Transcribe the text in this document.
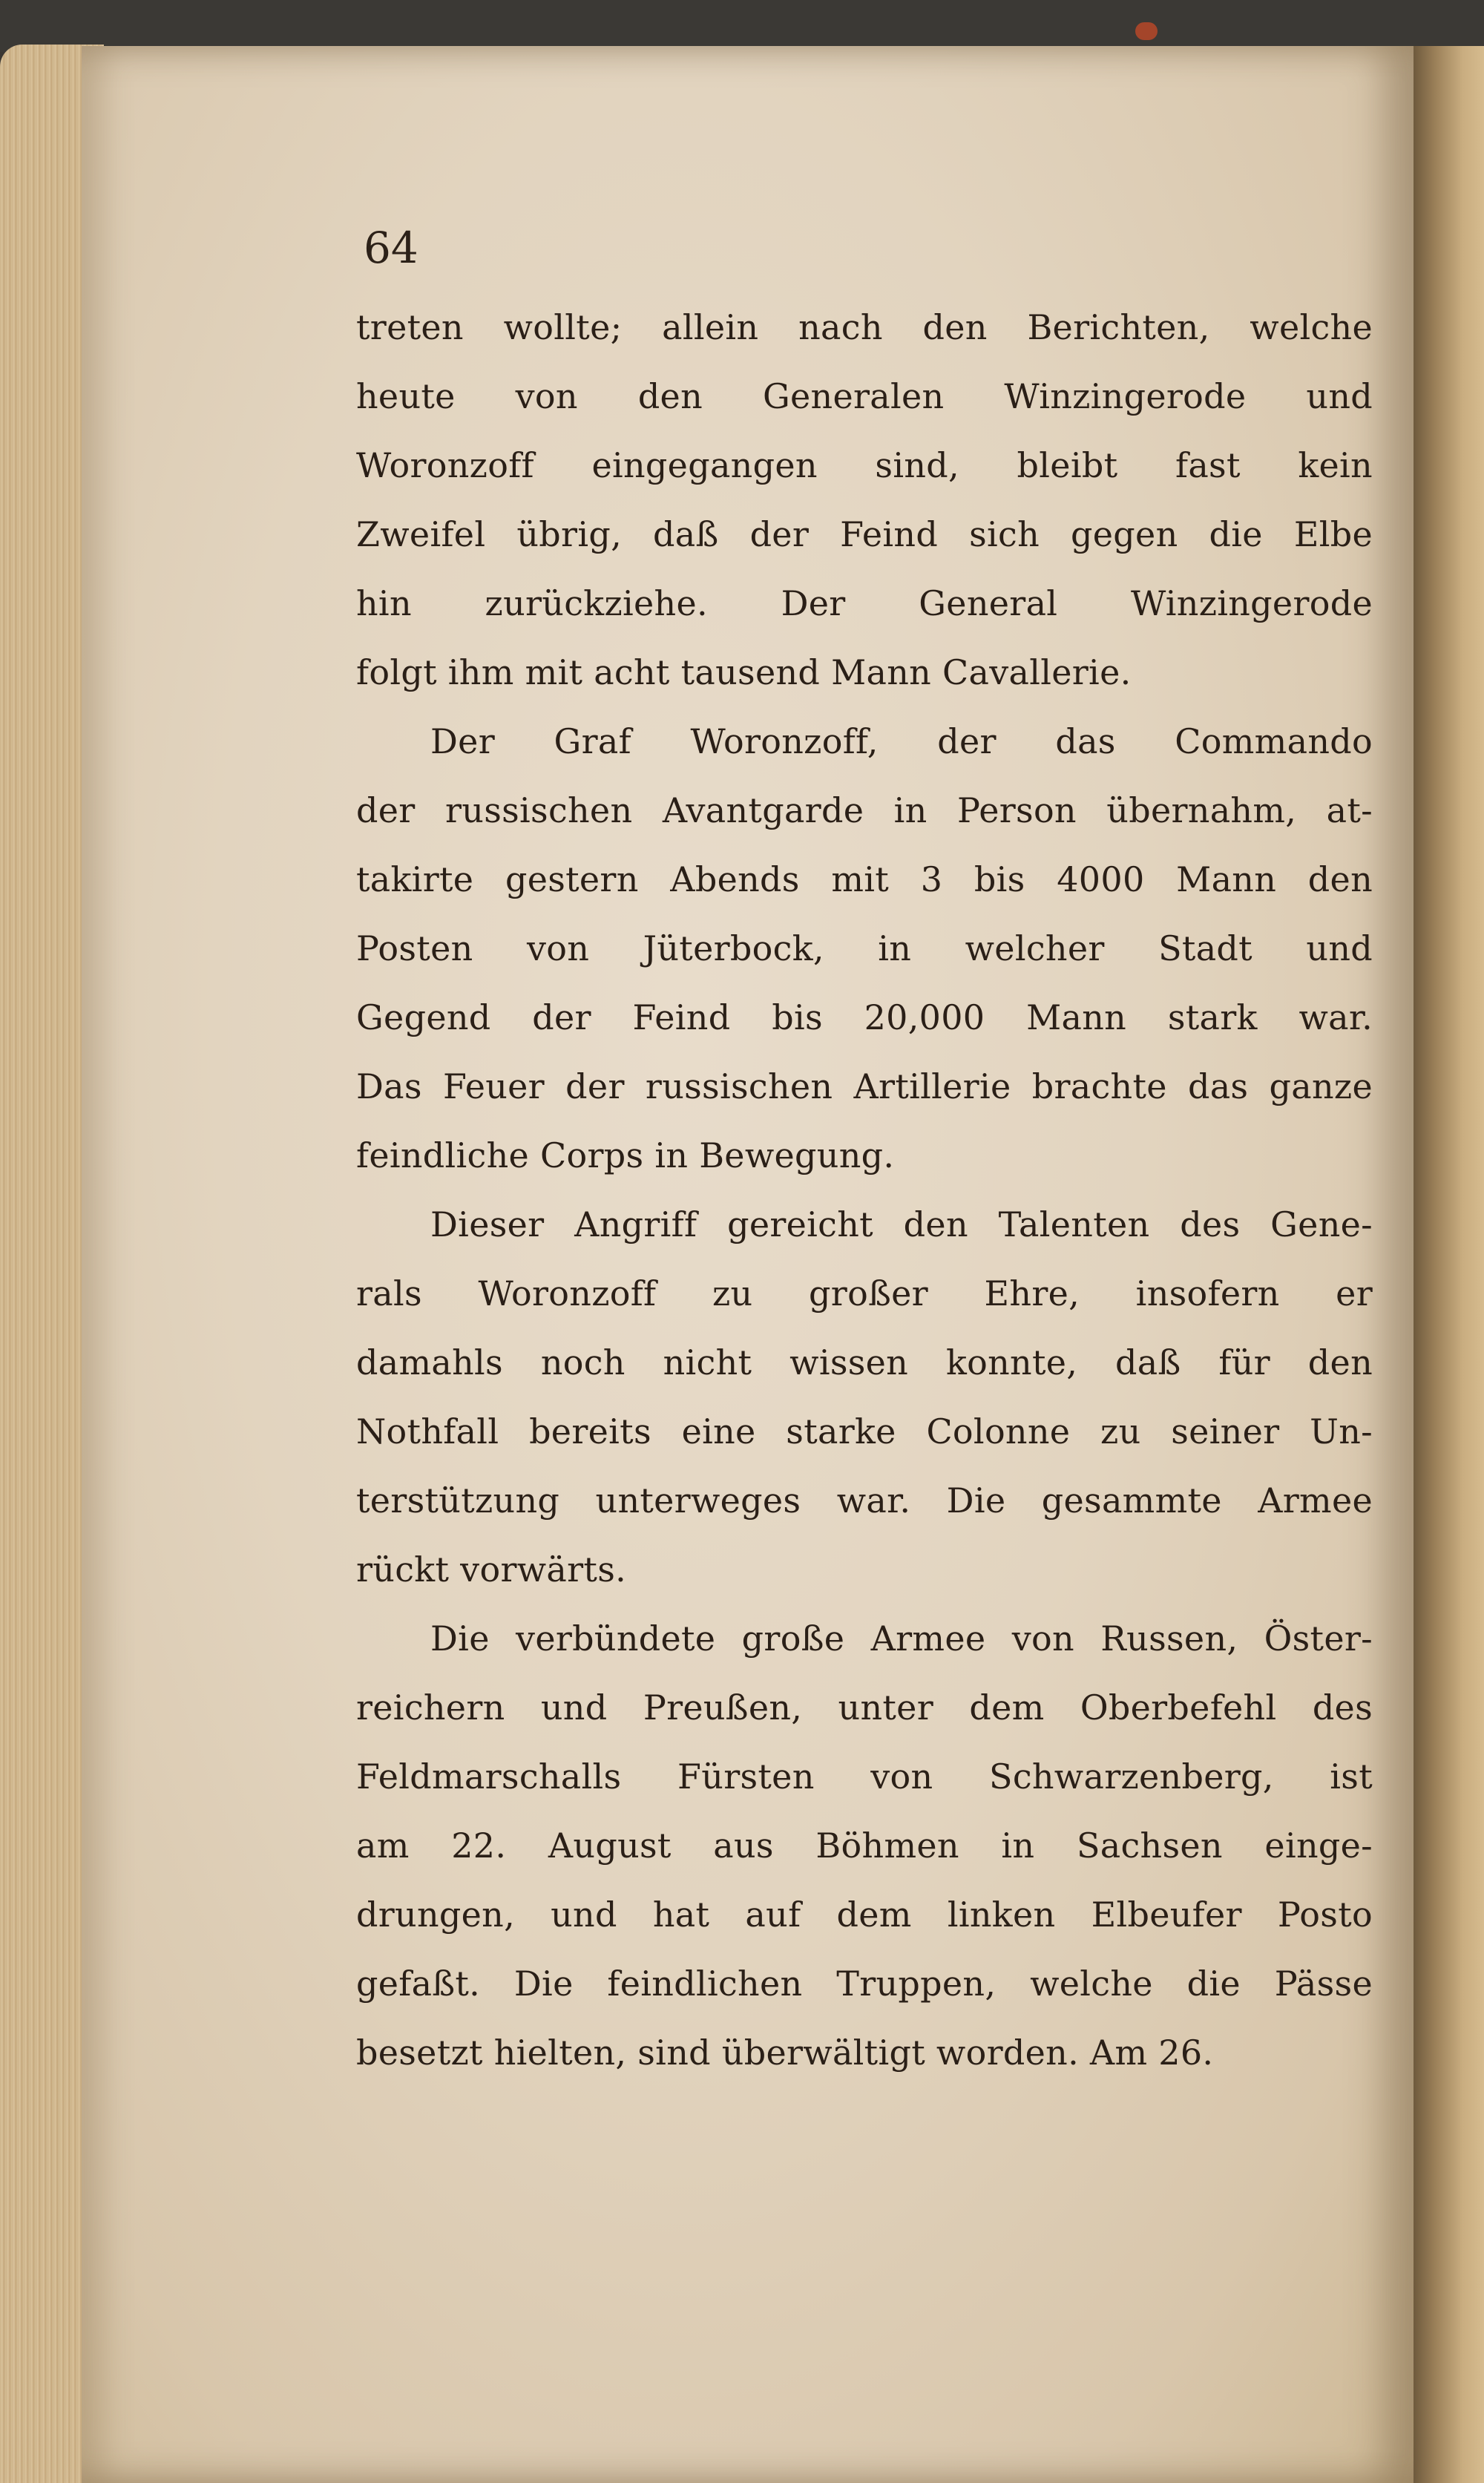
64
treten wollte; allein nach den Berichten, welche
heute von den Generalen Winzingerode und
Woronzoff eingegangen sind, bleibt fast kein
Zweifel übrig, daß der Feind sich gegen die Elbe
hin zurückziehe. Der General Winzingerode
folgt ihm mit acht tausend Mann Cavallerie.
Der Graf Woronzoff, der das Commando
der russischen Avantgarde in Person übernahm, at-
takirte gestern Abends mit 3 bis 4000 Mann den
Posten von Jüterbock, in welcher Stadt und
Gegend der Feind bis 20,000 Mann stark war.
Das Feuer der russischen Artillerie brachte das ganze
feindliche Corps in Bewegung.
Dieser Angriff gereicht den Talenten des Gene-
rals Woronzoff zu großer Ehre, insofern er
damahls noch nicht wissen konnte, daß für den
Nothfall bereits eine starke Colonne zu seiner Un-
terstützung unterweges war. Die gesammte Armee
rückt vorwärts.
Die verbündete große Armee von Russen, Öster-
reichern und Preußen, unter dem Oberbefehl des
Feldmarschalls Fürsten von Schwarzenberg, ist
am 22. August aus Böhmen in Sachsen einge-
drungen, und hat auf dem linken Elbeufer Posto
gefaßt. Die feindlichen Truppen, welche die Pässe
besetzt hielten, sind überwältigt worden. Am 26.
